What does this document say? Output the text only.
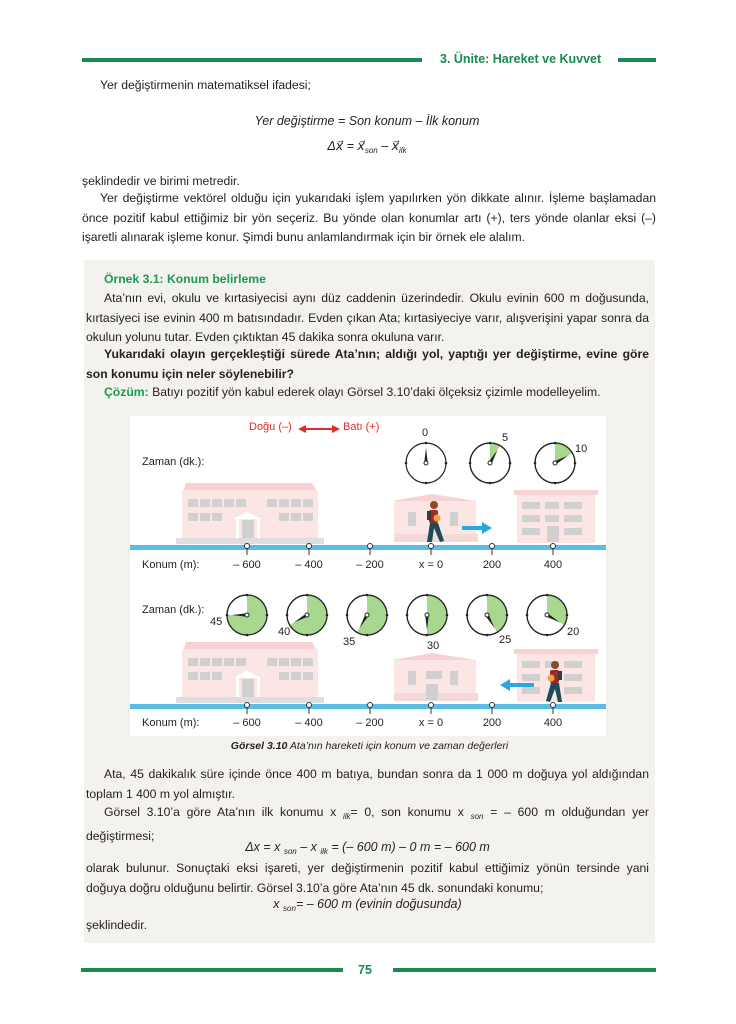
3. Ünite: Hareket ve Kuvvet
Yer değiştirmenin matematiksel ifadesi;
Yer değiştirme = Son konum – İlk konum
Δx⃗ = $x⃗_{son}$ – $x⃗_{ilk}$
şeklindedir ve birimi metredir.
Yer değiştirme vektörel olduğu için yukarıdaki işlem yapılırken yön dikkate alınır. İşleme başlamadan önce pozitif kabul ettiğimiz bir yön seçeriz. Bu yönde olan konumlar artı (+), ters yönde olanlar eksi (–) işaretli alınarak işleme konur. Şimdi bunu anlamlandırmak için bir örnek ele alalım.
Örnek 3.1: Konum belirleme
Ata’nın evi, okulu ve kırtasiyecisi aynı düz caddenin üzerindedir. Okulu evinin 600 m doğusunda, kırtasiyeci ise evinin 400 m batısındadır. Evden çıkan Ata; kırtasiyeciye varır, alışverişini yapar sonra da okulun yolunu tutar. Evden çıktıktan 45 dakika sonra okuluna varır.
Yukarıdaki olayın gerçekleştiği sürede Ata’nın; aldığı yol, yaptığı yer değiştirme, evine göre son konumu için neler söylenebilir?
Çözüm: Batıyı pozitif yön kabul ederek olayı Görsel 3.10’daki ölçeksiz çizimle modelleyelim.
Doğu (–)	Batı (+)
Zaman (dk.):
Konum (m):
Zaman (dk.):
Konum (m):
– 600	– 400	– 200	x = 0	200	400
– 600	– 400	– 200	x = 0	200	400
0	5
10
45
40
35	30	25
20
Görsel 3.10 Ata’nın hareketi için konum ve zaman değerleri
Ata, 45 dakikalık süre içinde önce 400 m batıya, bundan sonra da 1 000 m doğuya yol aldığından toplam 1 400 m yol almıştır.
Görsel 3.10’a göre Ata’nın ilk konumu x $_{ilk}$= 0, son konumu x $_{son}$ = – 600 m olduğundan yer değiştirmesi;
Δx = x $_{son}$ – x $_{ilk}$ = (– 600 m) – 0 m = – 600 m
olarak bulunur. Sonuçtaki eksi işareti, yer değiştirmenin pozitif kabul ettiğimiz yönün tersinde yani doğuya doğru olduğunu belirtir. Görsel 3.10’a göre Ata’nın 45 dk. sonundaki konumu;
x $_{son}$= – 600 m (evinin doğusunda)
şeklindedir.
75
